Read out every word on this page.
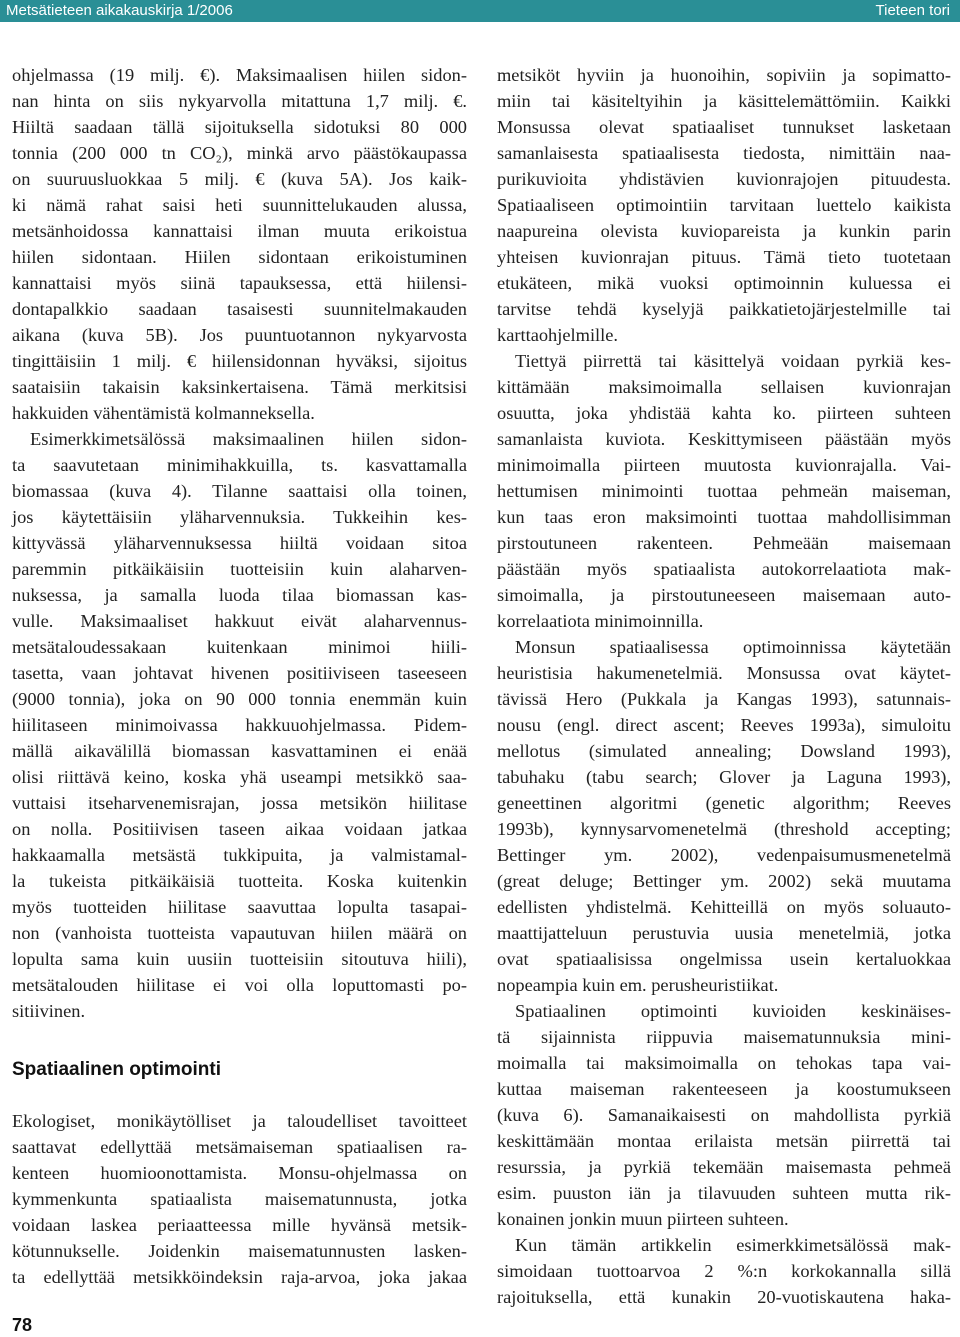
Metsätieteen aikakauskirja 1/2006	Tieteen tori
ohjelmassa (19 milj. €). Maksimaalisen hiilen sidon-
nan hinta on siis nykyarvolla mitattuna 1,7 milj. €.
Hiiltä saadaan tällä sijoituksella sidotuksi 80 000
tonnia (200 000 tn CO₂), minkä arvo päästökaupassa
on suuruusluokkaa 5 milj. € (kuva 5A). Jos kaik-
ki nämä rahat saisi heti suunnittelukauden alussa,
metsänhoidossa kannattaisi ilman muuta erikoistua
hiilen sidontaan. Hiilen sidontaan erikoistuminen
kannattaisi myös siinä tapauksessa, että hiilensi-
dontapalkkio saadaan tasaisesti suunnitelmakauden
aikana (kuva 5B). Jos puuntuotannon nykyarvosta
tingittäisiin 1 milj. € hiilensidonnan hyväksi, sijoitus
saataisiin takaisin kaksinkertaisena. Tämä merkitsisi
hakkuiden vähentämistä kolmanneksella.
Esimerkkimetsälössä maksimaalinen hiilen sidon-
ta saavutetaan minimihakkuilla, ts. kasvattamalla
biomassaa (kuva 4). Tilanne saattaisi olla toinen,
jos käytettäisiin yläharvennuksia. Tukkeihin kes-
kittyvässä yläharvennuksessa hiiltä voidaan sitoa
paremmin pitkäikäisiin tuotteisiin kuin alaharven-
nuksessa, ja samalla luoda tilaa biomassan kas-
vulle. Maksimaaliset hakkuut eivät alaharvennus-
metsätaloudessakaan kuitenkaan minimoi hiili-
tasetta, vaan johtavat hivenen positiiviseen taseeseen
(9000 tonnia), joka on 90 000 tonnia enemmän kuin
hiilitaseen minimoivassa hakkuuohjelmassa. Pidem-
mällä aikavälillä biomassan kasvattaminen ei enää
olisi riittävä keino, koska yhä useampi metsikkö saa-
vuttaisi itseharvenemisrajan, jossa metsikön hiilitase
on nolla. Positiivisen taseen aikaa voidaan jatkaa
hakkaamalla metsästä tukkipuita, ja valmistamal-
la tukeista pitkäikäisiä tuotteita. Koska kuitenkin
myös tuotteiden hiilitase saavuttaa lopulta tasapai-
non (vanhoista tuotteista vapautuvan hiilen määrä on
lopulta sama kuin uusiin tuotteisiin sitoutuva hiili),
metsätalouden hiilitase ei voi olla loputtomasti po-
sitiivinen.
Spatiaalinen optimointi
Ekologiset, monikäytölliset ja taloudelliset tavoitteet
saattavat edellyttää metsämaiseman spatiaalisen ra-
kenteen huomioonottamista. Monsu-ohjelmassa on
kymmenkunta spatiaalista maisematunnusta, jotka
voidaan laskea periaatteessa mille hyvänsä metsik-
kötunnukselle. Joidenkin maisematunnusten lasken-
ta edellyttää metsikköindeksin raja-arvoa, joka jakaa
metsiköt hyviin ja huonoihin, sopiviin ja sopimatto-
miin tai käsiteltyihin ja käsittelemättömiin. Kaikki
Monsussa olevat spatiaaliset tunnukset lasketaan
samanlaisesta spatiaalisesta tiedosta, nimittäin naa-
purikuvioita yhdistävien kuvionrajojen pituudesta.
Spatiaaliseen optimointiin tarvitaan luettelo kaikista
naapureina olevista kuvioparеista ja kunkin parin
yhteisen kuvionrajan pituus. Tämä tieto tuotetaan
etukäteen, mikä vuoksi optimoinnin kuluessa ei
tarvitse tehdä kyselyjä paikkatietojärjestelmille tai
karttaohjelmille.
Tiettyä piirrettä tai käsittelyä voidaan pyrkiä kes-
kittämään maksimoimalla sellaisen kuvionrajan
osuutta, joka yhdistää kahta ko. piirteen suhteen
samanlaista kuviota. Keskittymiseen päästään myös
minimoimalla piirteen muutosta kuvionrajalla. Vai-
hettumisen minimointi tuottaa pehmeän maiseman,
kun taas eron maksimointi tuottaa mahdollisimman
pirstoutuneen rakenteen. Pehmeään maisemaan
päästään myös spatiaalista autokorrelaatiota mak-
simoimalla, ja pirstoutuneeseen maisemaan auto-
korrelaatiota minimoinnilla.
Monsun spatiaalisessa optimoinnissa käytetään
heuristisia hakumenetelmiä. Monsussa ovat käytet-
tävissä Hero (Pukkala ja Kangas 1993), satunnais-
nousu (engl. direct ascent; Reeves 1993a), simuloitu
mellotus (simulated annealing; Dowsland 1993),
tabuhaku (tabu search; Glover ja Laguna 1993),
geneettinen algoritmi (genetic algorithm; Reeves
1993b), kynnysarvomenetelmä (threshold accepting;
Bettinger ym. 2002), vedenpaisumusmenetelmä
(great deluge; Bettinger ym. 2002) sekä muutama
edellisten yhdistelmä. Kehitteillä on myös soluauto-
maattijatteluun perustuvia uusia menetelmiä, jotka
ovat spatiaalisissa ongelmissa usein kertaluokkaa
nopeampia kuin em. perusheuristiikat.
Spatiaalinen optimointi kuvioiden keskinäises-
tä sijainnista riippuvia maisematunnuksia mini-
moimalla tai maksimoimalla on tehokas tapa vai-
kuttaa maiseman rakenteeseen ja koostumukseen
(kuva 6). Samanaikaisesti on mahdollista pyrkiä
keskittämään montaa erilaista metsän piirrettä tai
resurssia, ja pyrkiä tekemään maisemasta pehmeä
esim. puuston iän ja tilavuuden suhteen mutta rik-
konainen jonkin muun piirteen suhteen.
Kun tämän artikkelin esimerkkimetsälössä mak-
simoidaan tuottoarvoa 2 %:n korkokannalla sillä
rajoituksella, että kunakin 20-vuotiskautena haka-
78
